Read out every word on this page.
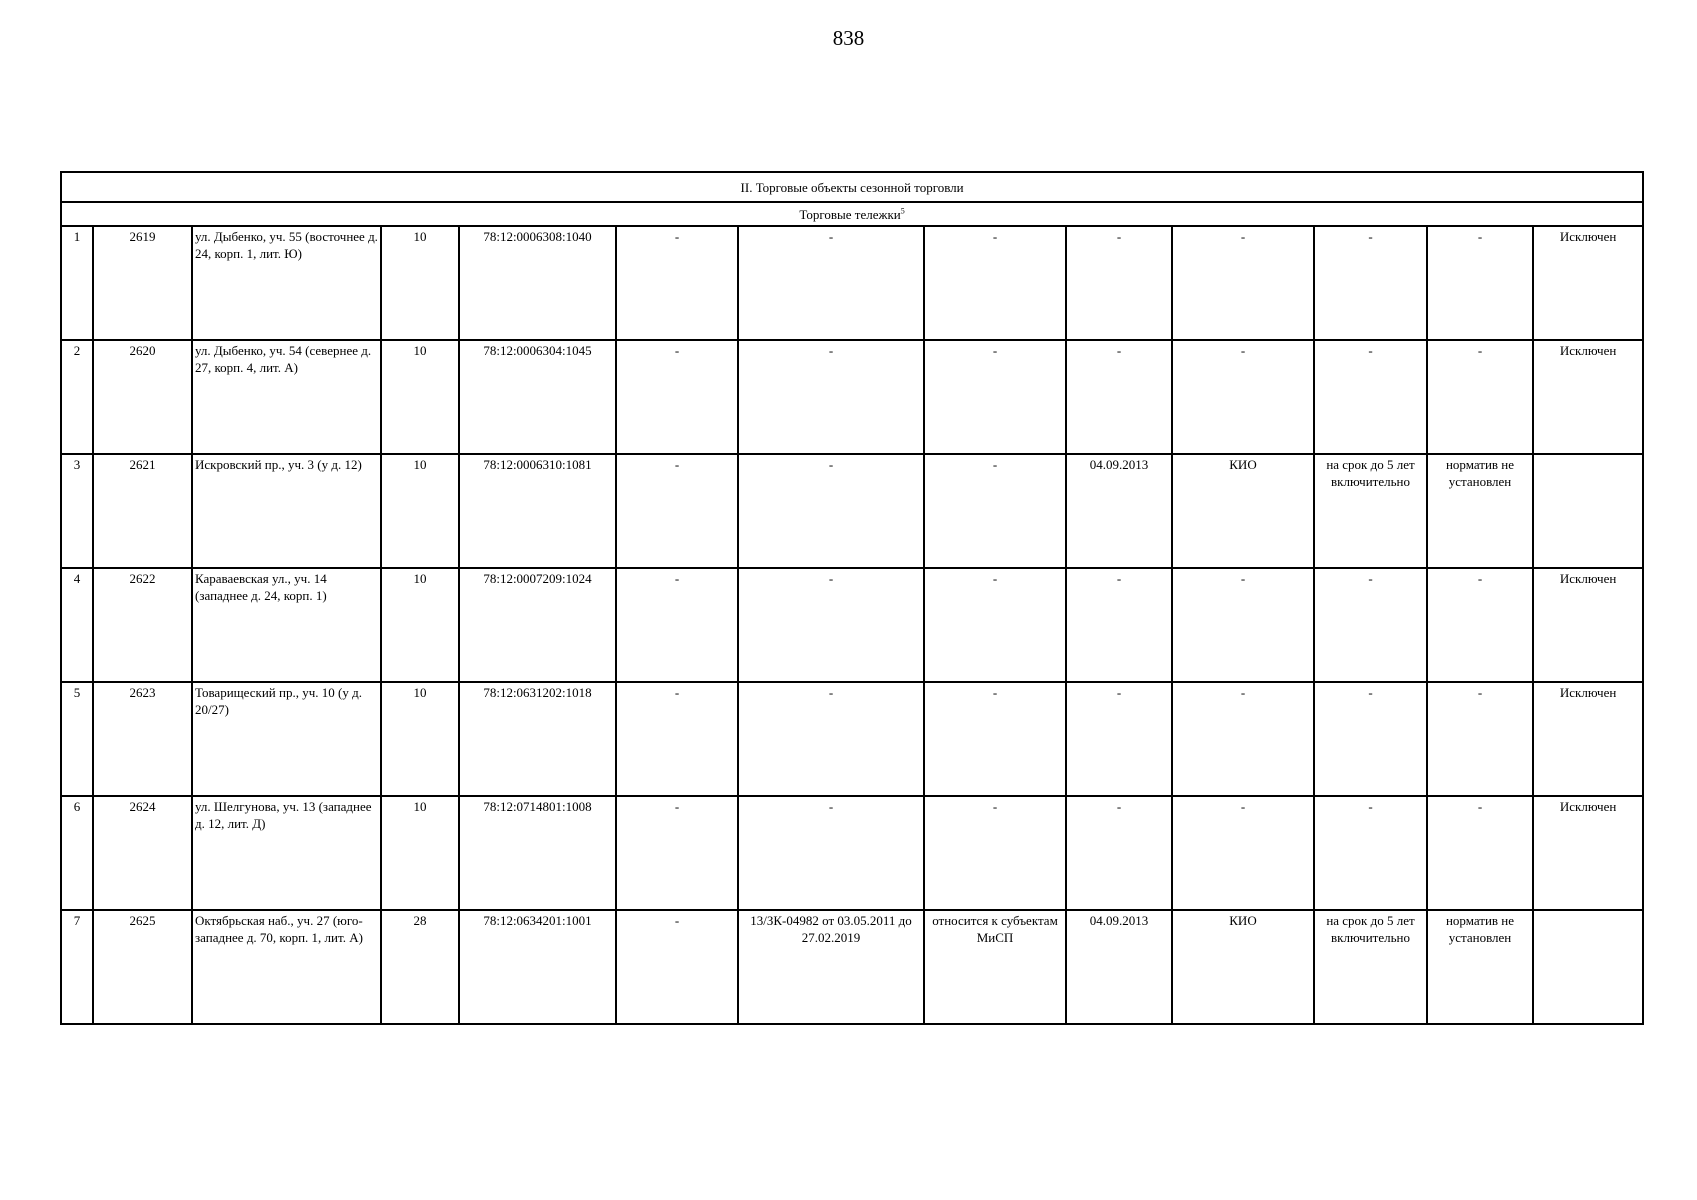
838
II. Торговые объекты сезонной торговли												
Торговые тележки$^5$
1	2619	ул. Дыбенко, уч. 55 (восточнее д. 24, корп. 1, лит. Ю)	10	78:12:0006308:1040	-	-	-	-	-	-	-	Исключен
2	2620	ул. Дыбенко, уч. 54 (севернее д. 27, корп. 4, лит. А)	10	78:12:0006304:1045	-	-	-	-	-	-	-	Исключен
3	2621	Искровский пр., уч. 3 (у д. 12)	10	78:12:0006310:1081	-	-	-	04.09.2013	КИО	на срок до 5 лет включительно	норматив не установлен	
4	2622	Караваевская ул., уч. 14 (западнее д. 24, корп. 1)	10	78:12:0007209:1024	-	-	-	-	-	-	-	Исключен
5	2623	Товарищеский пр., уч. 10 (у д. 20/27)	10	78:12:0631202:1018	-	-	-	-	-	-	-	Исключен
6	2624	ул. Шелгунова, уч. 13 (западнее д. 12, лит. Д)	10	78:12:0714801:1008	-	-	-	-	-	-	-	Исключен
7	2625	Октябрьская наб., уч. 27 (юго-западнее д. 70, корп. 1, лит. А)	28	78:12:0634201:1001	-	13/ЗК-04982 от 03.05.2011 до 27.02.2019	относится к субъектам МиСП	04.09.2013	КИО	на срок до 5 лет включительно	норматив не установлен	
